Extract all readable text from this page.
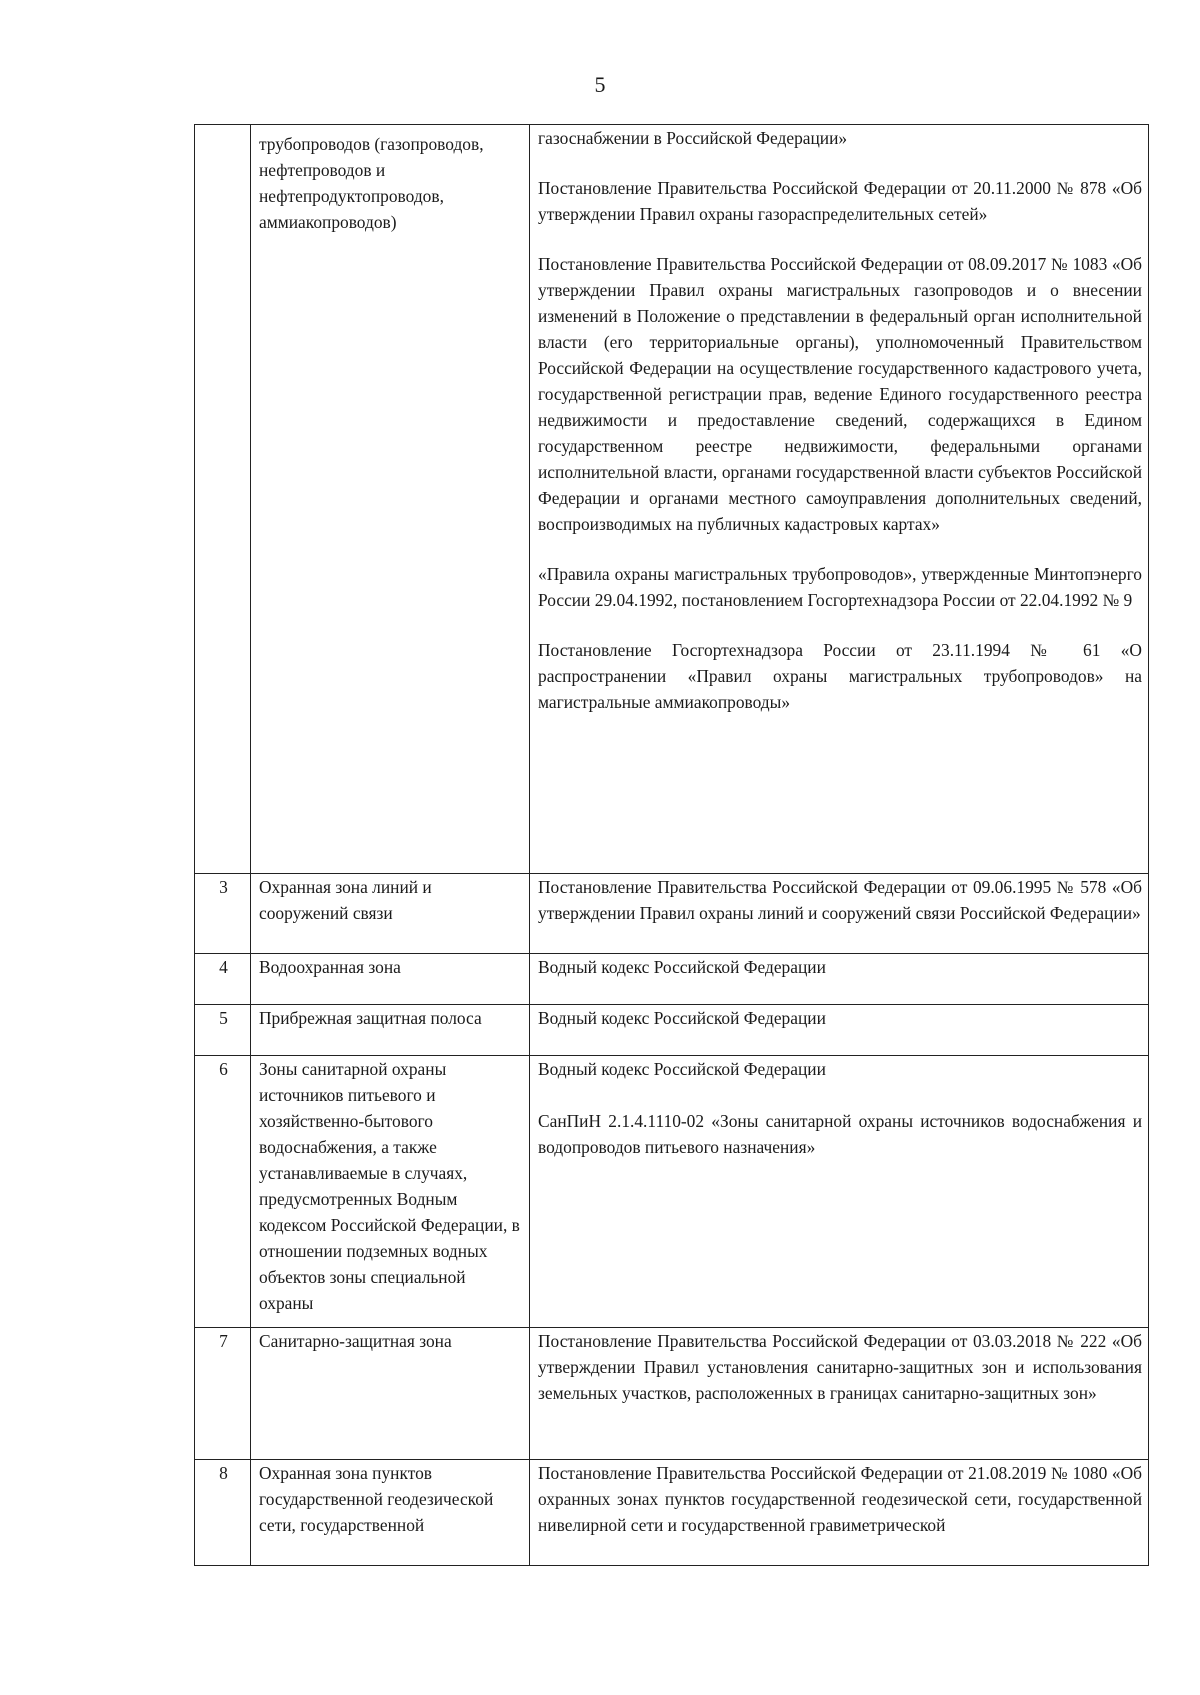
5
	трубопроводов (газопроводов, нефтепроводов и нефтепродуктопроводов, аммиакопроводов)	газоснабжении в Российской Федерации»

Постановление Правительства Российской Федерации от 20.11.2000 № 878 «Об утверждении Правил охраны газораспределительных сетей»

Постановление Правительства Российской Федерации от 08.09.2017 № 1083 «Об утверждении Правил охраны магистральных газопроводов и о внесении изменений в Положение о представлении в федеральный орган исполнительной власти (его территориальные органы), уполномоченный Правительством Российской Федерации на осуществление государственного кадастрового учета, государственной регистрации прав, ведение Единого государственного реестра недвижимости и предоставление сведений, содержащихся в Едином государственном реестре недвижимости, федеральными органами исполнительной власти, органами государственной власти субъектов Российской Федерации и органами местного самоуправления дополнительных сведений, воспроизводимых на публичных кадастровых картах»

«Правила охраны магистральных трубопроводов», утвержденные Минтопэнерго России 29.04.1992, постановлением Госгортехнадзора России от 22.04.1992 № 9

Постановление Госгортехнадзора России от 23.11.1994 № 61 «О распространении «Правил охраны магистральных трубопроводов» на магистральные аммиакопроводы»

3	Охранная зона линий и сооружений связи	Постановление Правительства Российской Федерации от 09.06.1995 № 578 «Об утверждении Правил охраны линий и сооружений связи Российской Федерации»

4	Водоохранная зона	Водный кодекс Российской Федерации

5	Прибрежная защитная полоса	Водный кодекс Российской Федерации

6	Зоны санитарной охраны источников питьевого и хозяйственно-бытового водоснабжения, а также устанавливаемые в случаях, предусмотренных Водным кодексом Российской Федерации, в отношении подземных водных объектов зоны специальной охраны	Водный кодекс Российской Федерации

СанПиН 2.1.4.1110-02 «Зоны санитарной охраны источников водоснабжения и водопроводов питьевого назначения»

7	Санитарно-защитная зона	Постановление Правительства Российской Федерации от 03.03.2018 № 222 «Об утверждении Правил установления санитарно-защитных зон и использования земельных участков, расположенных в границах санитарно-защитных зон»

8	Охранная зона пунктов государственной геодезической сети, государственной	Постановление Правительства Российской Федерации от 21.08.2019 № 1080 «Об охранных зонах пунктов государственной геодезической сети, государственной нивелирной сети и государственной гравиметрической
